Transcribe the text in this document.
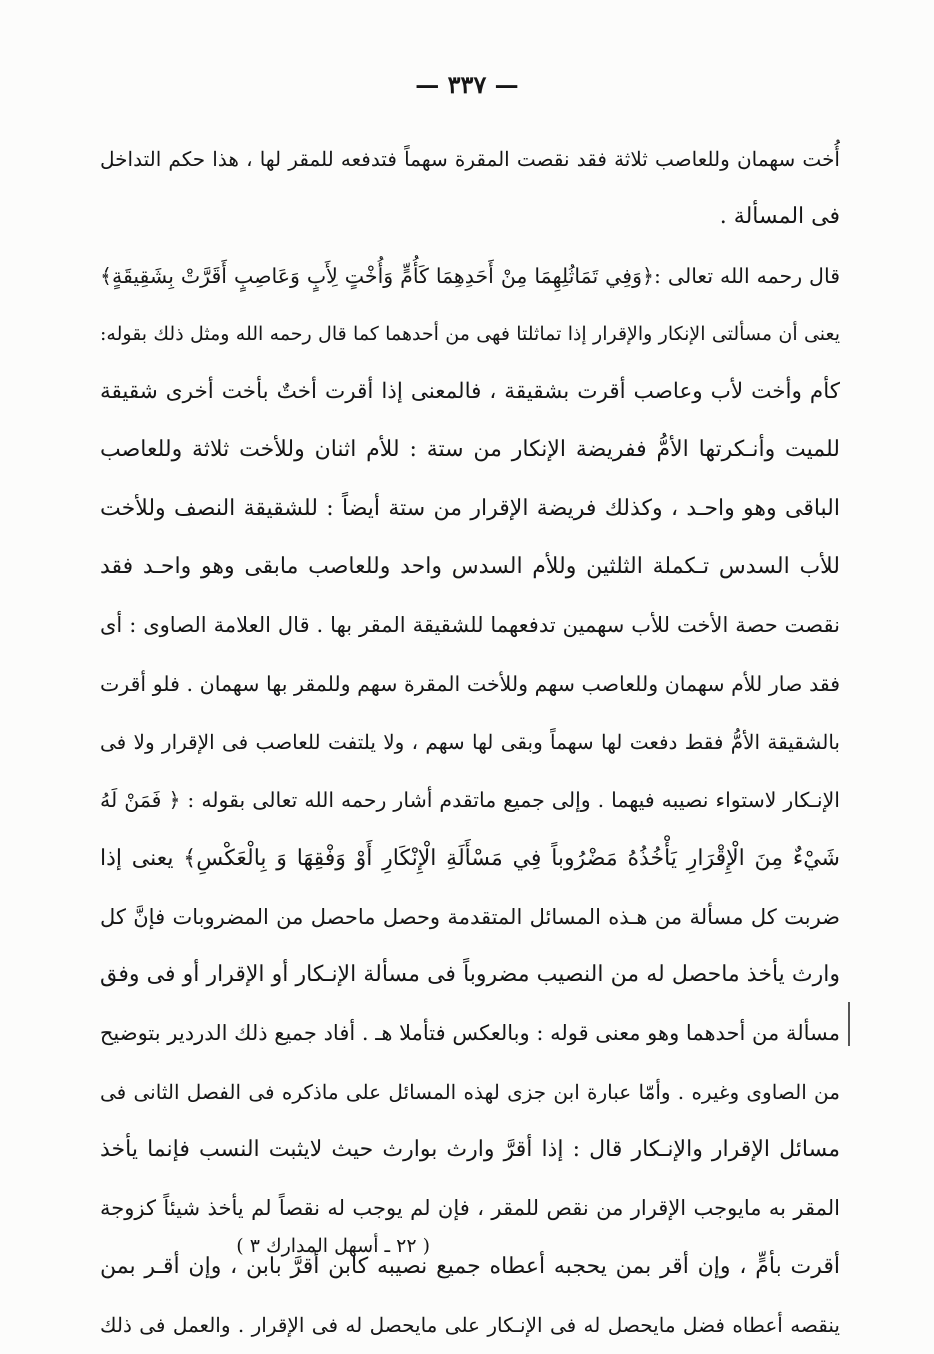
— ٣٣٧ —
أُخت سهمان وللعاصب ثلاثة فقد نقصت المقرة سهماً فتدفعه للمقر لها ، هذا حكم التداخل
فى المسألة .
قال رحمه الله تعالى :﴿وَفِي تَمَاثُلِهِمَا مِنْ أَحَدِهِمَا كَأُمٍّ وَأُخْتٍ لِأَبٍ وَعَاصِبٍ أَقَرَّتْ بِشَقِيقَةٍ﴾
يعنى أن مسألتى الإنكار والإقرار إذا تماثلتا فهى من أحدهما كما قال رحمه الله ومثل ذلك بقوله:
كأم وأخت لأب وعاصب أقرت بشقيقة ، فالمعنى إذا أقرت أختٌ بأخت أخرى شقيقة
للميت وأنـكرتها الأمُّ ففريضة الإنكار من ستة : للأم اثنان وللأخت ثلاثة وللعاصب
الباقى وهو واحـد ، وكذلك فريضة الإقرار من ستة أيضاً : للشقيقة النصف وللأخت
للأب السدس تـكملة الثلثين وللأم السدس واحد وللعاصب مابقى وهو واحـد فقد
نقصت حصة الأخت للأب سهمين تدفعهما للشقيقة المقر بها . قال العلامة الصاوى : أى
فقد صار للأم سهمان وللعاصب سهم وللأخت المقرة سهم وللمقر بها سهمان . فلو أقرت
بالشقيقة الأمُّ فقط دفعت لها سهماً وبقى لها سهم ، ولا يلتفت للعاصب فى الإقرار ولا فى
الإنـكار لاستواء نصيبه فيهما . وإلى جميع ماتقدم أشار رحمه الله تعالى بقوله : ﴿ فَمَنْ لَهُ
شَيْءٌ مِنَ الْإِقْرَارِ يَأْخُذُهُ مَضْرُوباً فِي مَسْأَلَةِ الْإِنْكَارِ أَوْ وَفْقِهَا وَ بِالْعَكْسِ﴾ يعنى إذا
ضربت كل مسألة من هـذه المسائل المتقدمة وحصل ماحصل من المضروبات فإنَّ كل
وارث يأخذ ماحصل له من النصيب مضروباً فى مسألة الإنـكار أو الإقرار أو فى وفق
مسألة من أحدهما وهو معنى قوله : وبالعكس فتأملا هـ . أفاد جميع ذلك الدردير بتوضيح
من الصاوى وغيره . وأمّا عبارة ابن جزى لهذه المسائل على ماذكره فى الفصل الثانى فى
مسائل الإقرار والإنـكار قال : إذا أقرَّ وارث بوارث حيث لايثبت النسب فإنما يأخذ
المقر به مايوجب الإقرار من نقص للمقر ، فإن لم يوجب له نقصاً لم يأخذ شيئاً كزوجة
أقرت بأمٍّ ، وإن أقر بمن يحجبه أعطاه جميع نصيبه كابن أقرَّ بابن ، وإن أقـر بمن
ينقصه أعطاه فضل مايحصل له فى الإنـكار على مايحصل له فى الإقرار . والعمل فى ذلك
( ٢٢ ـ أسهل المدارك ٣ )
